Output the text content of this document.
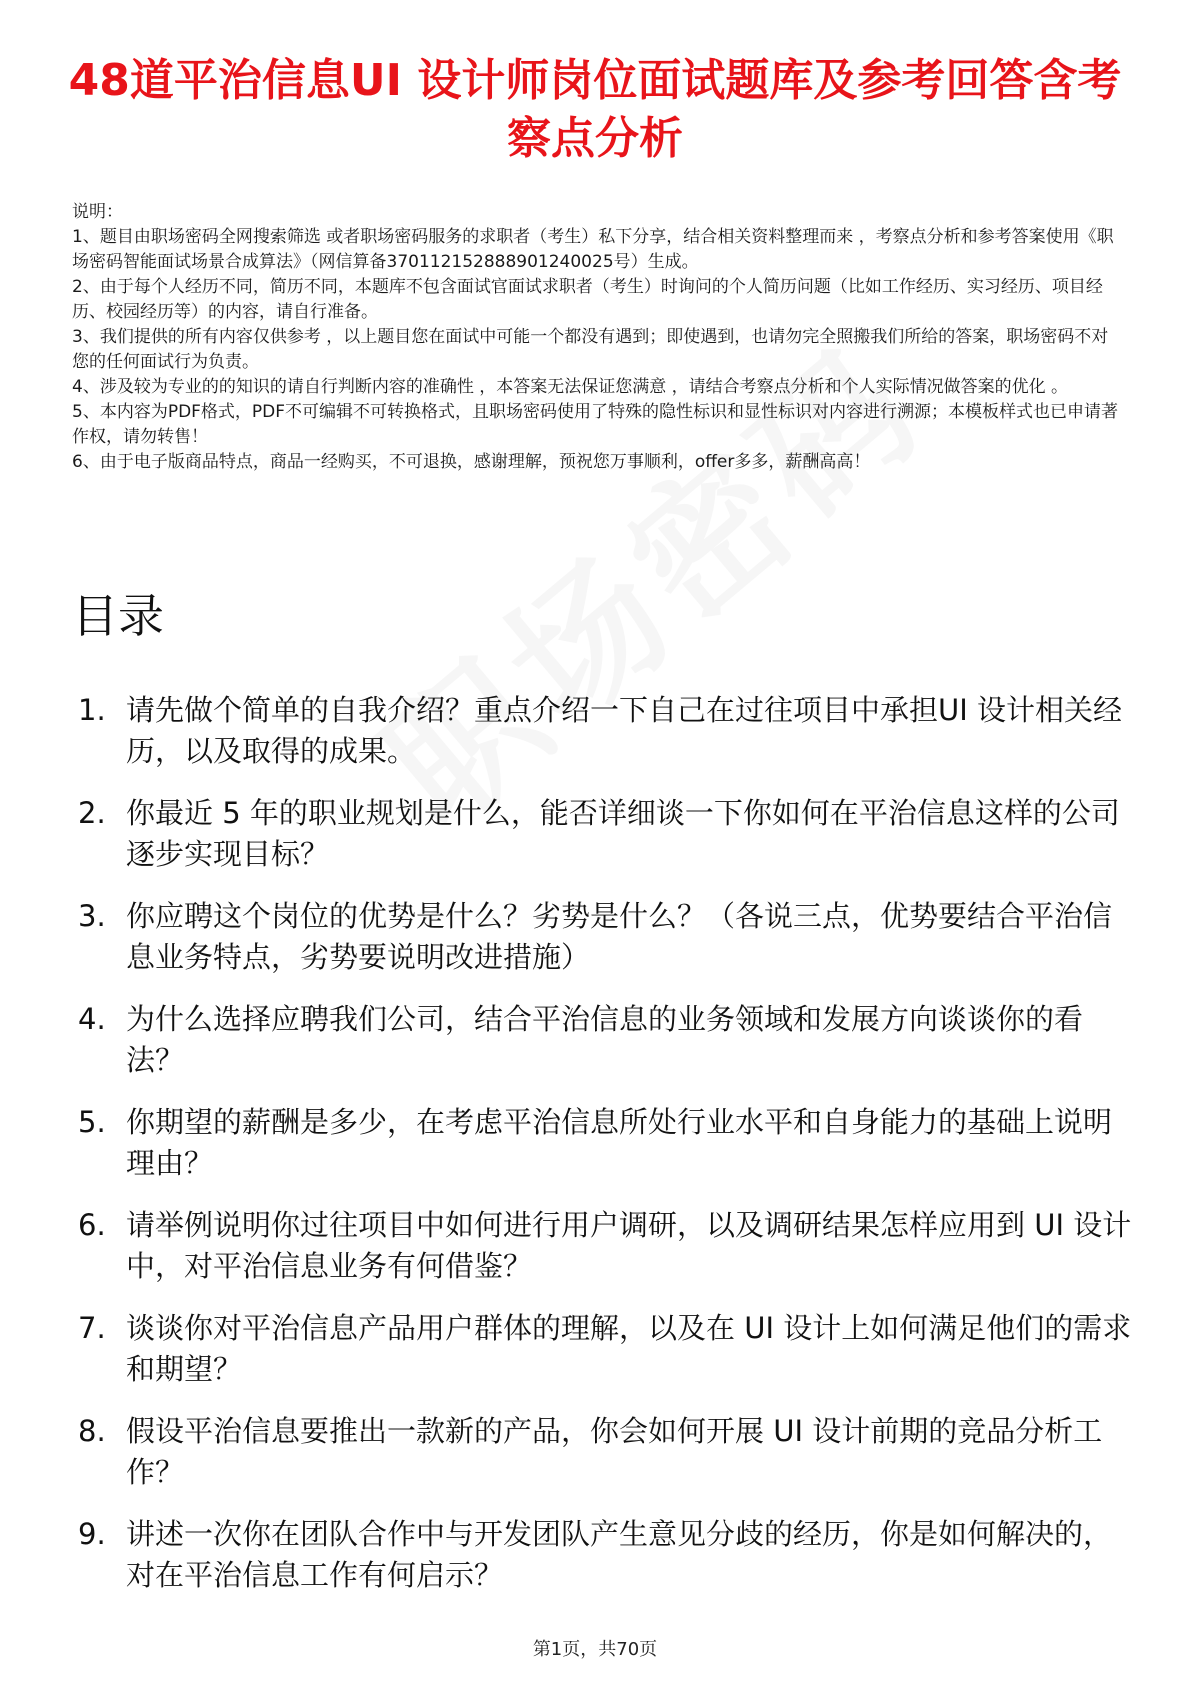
48道平治信息UI 设计师岗位面试题库及参考回答含考察点分析

说明：

1、题目由职场密码全网搜索筛选 或者职场密码服务的求职者（考生）私下分享，结合相关资料整理而来 ，考察点分析和参考答案使用《职场密码智能面试场景合成算法》（网信算备370112152888901240025号）生成。

2、由于每个人经历不同，简历不同，本题库不包含面试官面试求职者（考生）时询问的个人简历问题（比如工作经历、实习经历、项目经历、校园经历等）的内容，请自行准备。

3、我们提供的所有内容仅供参考 ，以上题目您在面试中可能一个都没有遇到；即使遇到，也请勿完全照搬我们所给的答案，职场密码不对您的任何面试行为负责。

4、涉及较为专业的的知识的请自行判断内容的准确性 ，本答案无法保证您满意 ，请结合考察点分析和个人实际情况做答案的优化 。

5、本内容为PDF格式，PDF不可编辑不可转换格式，且职场密码使用了特殊的隐性标识和显性标识对内容进行溯源；本模板样式也已申请著作权，请勿转售！

6、由于电子版商品特点，商品一经购买，不可退换，感谢理解，预祝您万事顺利，offer多多，薪酬高高！

目录
1. 请先做个简单的自我介绍？重点介绍一下自己在过往项目中承担UI 设计相关经历，以及取得的成果。
2. 你最近 5 年的职业规划是什么，能否详细谈一下你如何在平治信息这样的公司逐步实现目标？
3. 你应聘这个岗位的优势是什么？劣势是什么？（各说三点，优势要结合平治信息业务特点，劣势要说明改进措施）
4. 为什么选择应聘我们公司，结合平治信息的业务领域和发展方向谈谈你的看法？
5. 你期望的薪酬是多少，在考虑平治信息所处行业水平和自身能力的基础上说明理由？
6. 请举例说明你过往项目中如何进行用户调研，以及调研结果怎样应用到 UI 设计中，对平治信息业务有何借鉴？
7. 谈谈你对平治信息产品用户群体的理解，以及在 UI 设计上如何满足他们的需求和期望？
8. 假设平治信息要推出一款新的产品，你会如何开展 UI 设计前期的竞品分析工作？
9. 讲述一次你在团队合作中与开发团队产生意见分歧的经历，你是如何解决的，对在平治信息工作有何启示？
第1页，共70页
